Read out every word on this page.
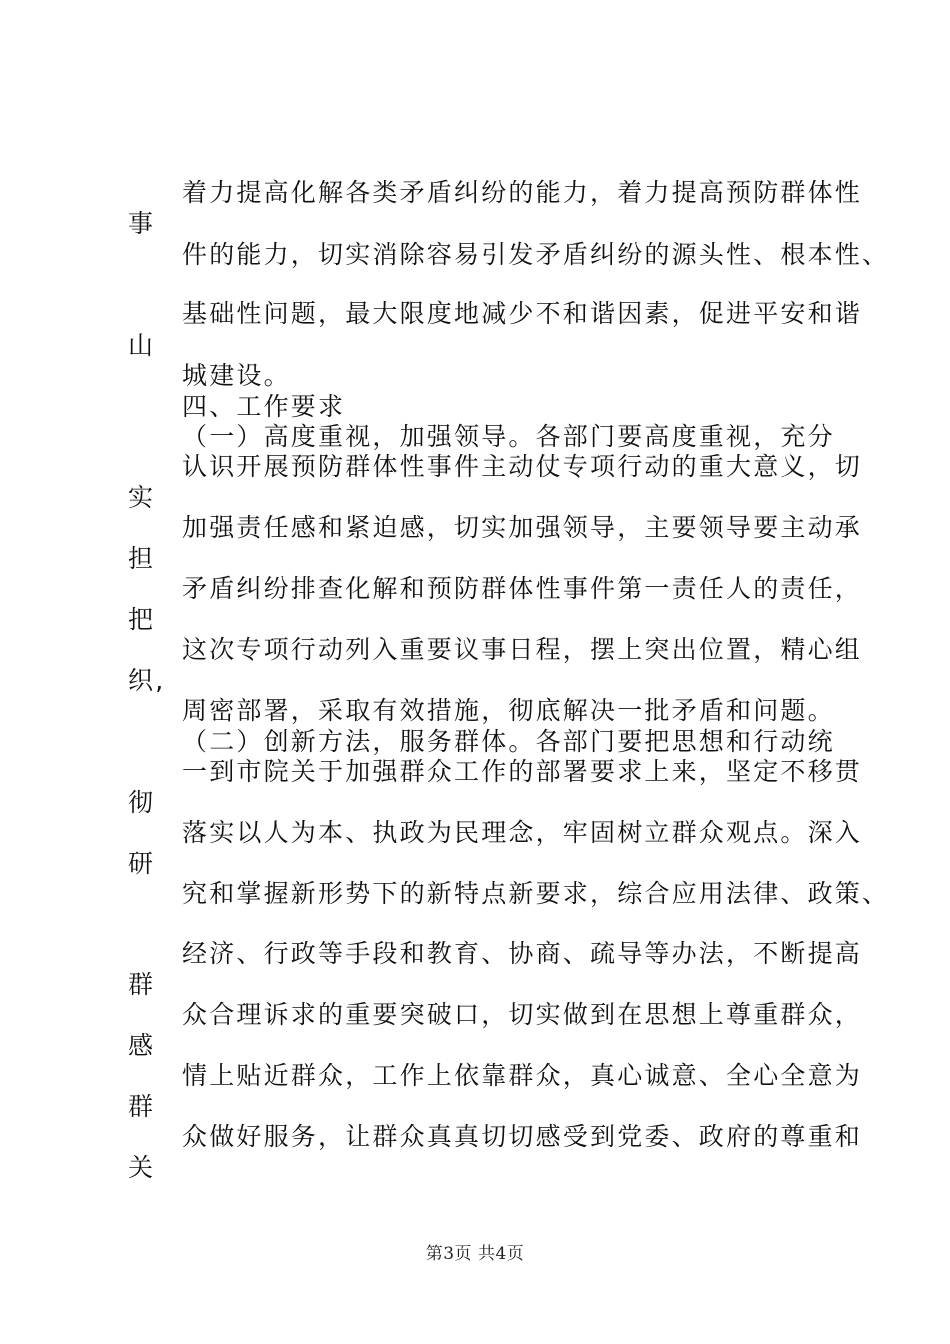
着力提高化解各类矛盾纠纷的能力，着力提高预防群体性
事
件的能力，切实消除容易引发矛盾纠纷的源头性、根本性、
基础性问题，最大限度地减少不和谐因素，促进平安和谐
山
城建设。
四、工作要求
（一）高度重视，加强领导。各部门要高度重视，充分
认识开展预防群体性事件主动仗专项行动的重大意义，切
实
加强责任感和紧迫感，切实加强领导，主要领导要主动承
担
矛盾纠纷排查化解和预防群体性事件第一责任人的责任，
把
这次专项行动列入重要议事日程，摆上突出位置，精心组
织,
周密部署，采取有效措施，彻底解决一批矛盾和问题。
（二）创新方法，服务群体。各部门要把思想和行动统
一到市院关于加强群众工作的部署要求上来，坚定不移贯
彻
落实以人为本、执政为民理念，牢固树立群众观点。深入
研
究和掌握新形势下的新特点新要求，综合应用法律、政策、
经济、行政等手段和教育、协商、疏导等办法，不断提高
群
众合理诉求的重要突破口，切实做到在思想上尊重群众，
感
情上贴近群众，工作上依靠群众，真心诚意、全心全意为
群
众做好服务，让群众真真切切感受到党委、政府的尊重和
关
第3页 共4页
